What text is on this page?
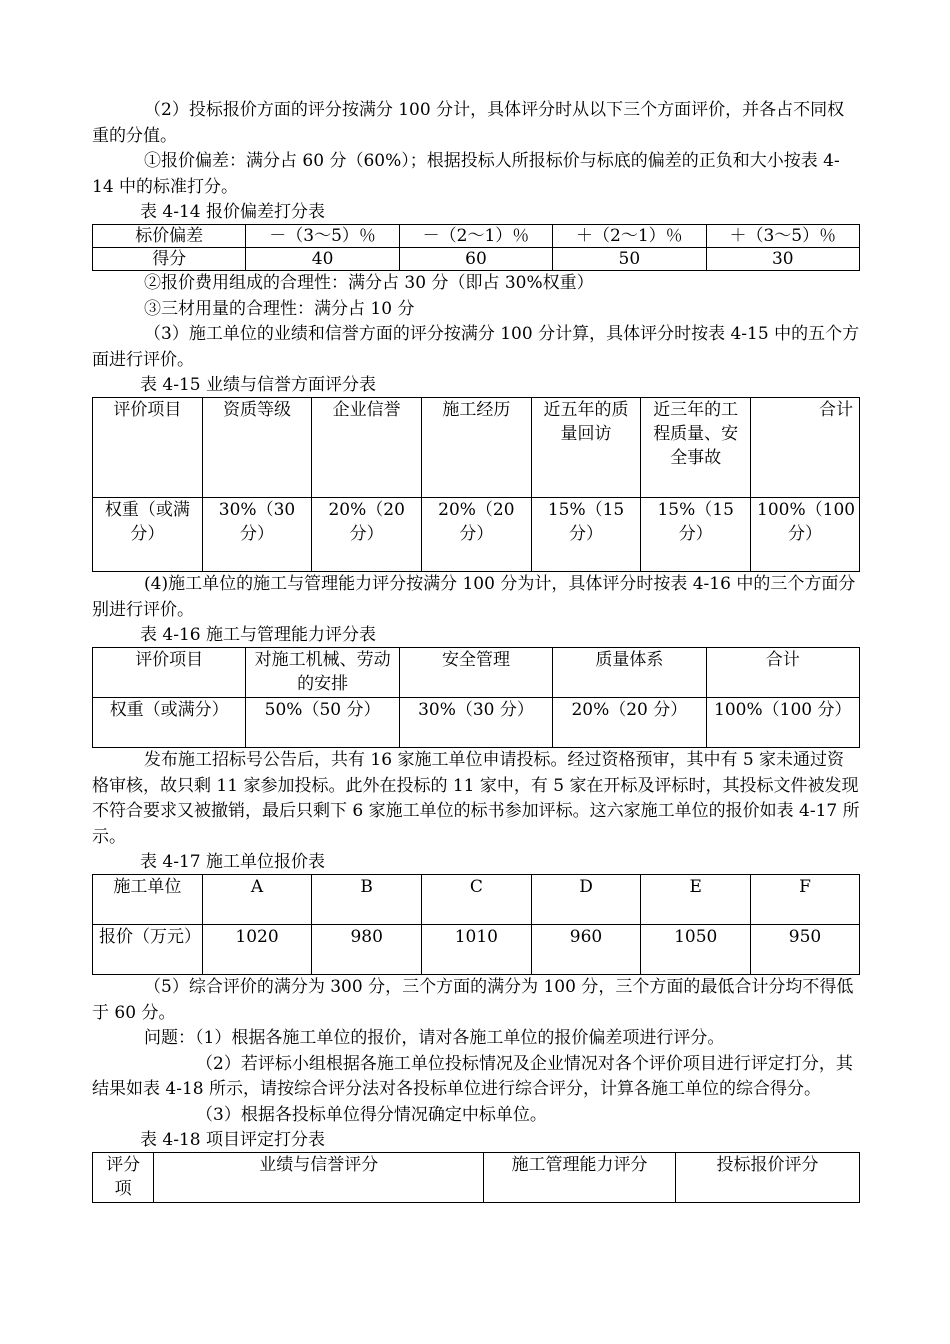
（2）投标报价方面的评分按满分 100 分计，具体评分时从以下三个方面评价，并各占不同权重的分值。

①报价偏差：满分占 60 分（60%）；根据投标人所报标价与标底的偏差的正负和大小按表 4-14 中的标准打分。

表 4-14 报价偏差打分表

标价偏差	－（3～5）％	－（2～1）％	＋（2～1）％	＋（3～5）％
得分	40	60	50	30

②报价费用组成的合理性：满分占 30 分（即占 30%权重）

③三材用量的合理性：满分占 10 分

（3）施工单位的业绩和信誉方面的评分按满分 100 分计算，具体评分时按表 4-15 中的五个方面进行评价。

表 4-15 业绩与信誉方面评分表

评价项目	资质等级	企业信誉	施工经历	近五年的质量回访	近三年的工程质量、安全事故	合计
权重（或满分）	30%（30 分）	20%（20 分）	20%（20 分）	15%（15 分）	15%（15 分）	100%（100 分）

(4)施工单位的施工与管理能力评分按满分 100 分为计，具体评分时按表 4-16 中的三个方面分别进行评价。

表 4-16 施工与管理能力评分表

评价项目	对施工机械、劳动的安排	安全管理	质量体系	合计
权重（或满分）	50%（50 分）	30%（30 分）	20%（20 分）	100%（100 分）

发布施工招标号公告后，共有 16 家施工单位申请投标。经过资格预审，其中有 5 家未通过资格审核，故只剩 11 家参加投标。此外在投标的 11 家中，有 5 家在开标及评标时，其投标文件被发现不符合要求又被撤销，最后只剩下 6 家施工单位的标书参加评标。这六家施工单位的报价如表 4-17 所示。

表 4-17 施工单位报价表

施工单位	A	B	C	D	E	F
报价（万元）	1020	980	1010	960	1050	950

（5）综合评价的满分为 300 分，三个方面的满分为 100 分，三个方面的最低合计分均不得低于 60 分。

问题：（1）根据各施工单位的报价，请对各施工单位的报价偏差项进行评分。

（2）若评标小组根据各施工单位投标情况及企业情况对各个评价项目进行评定打分，其结果如表 4-18 所示，请按综合评分法对各投标单位进行综合评分，计算各施工单位的综合得分。

（3）根据各投标单位得分情况确定中标单位。

表 4-18 项目评定打分表

评分项	业绩与信誉评分	施工管理能力评分	投标报价评分
